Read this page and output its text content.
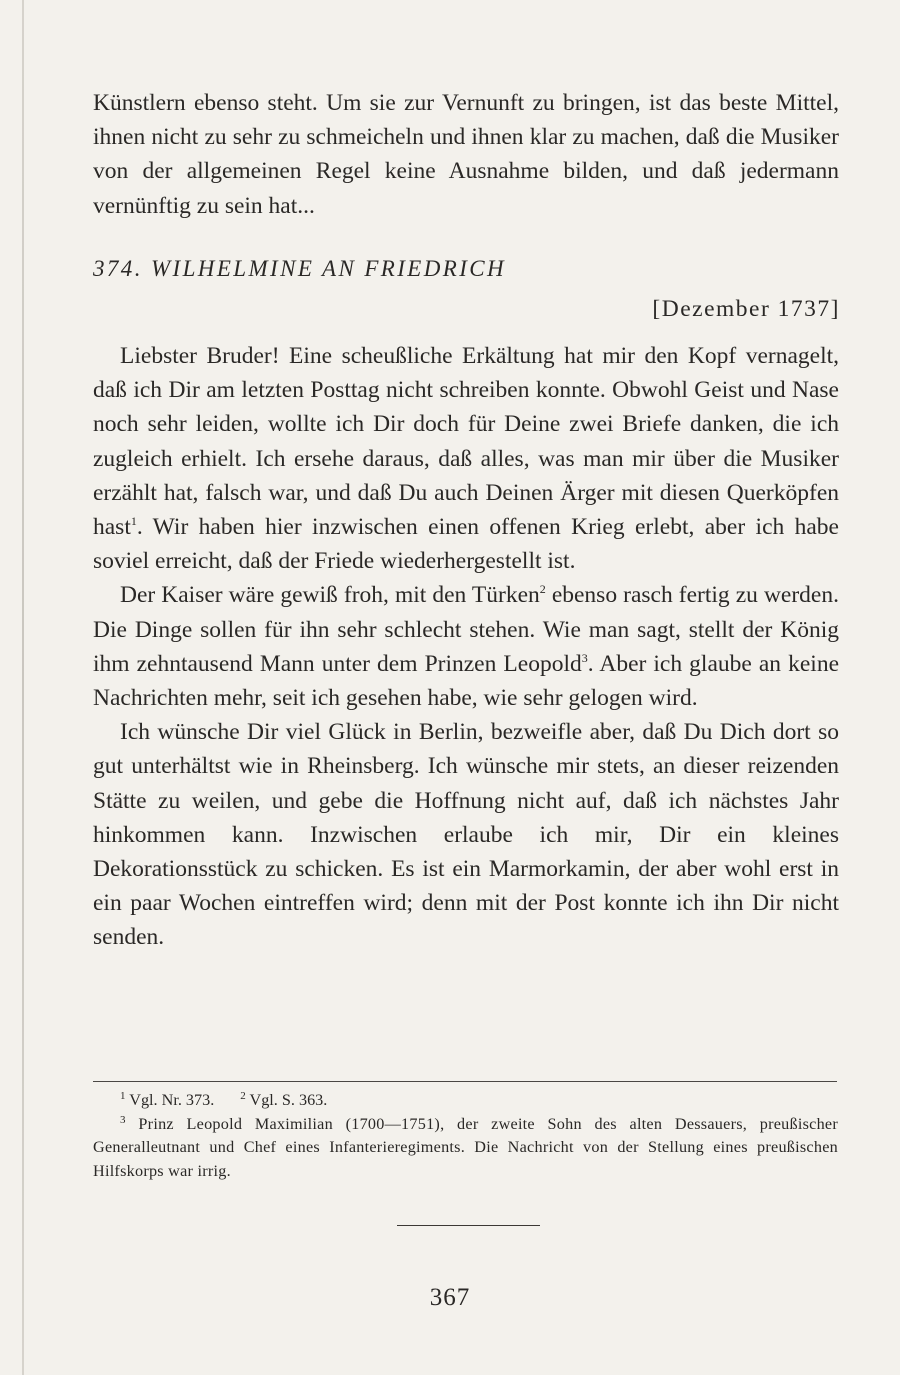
Künstlern ebenso steht. Um sie zur Vernunft zu bringen, ist das beste Mittel, ihnen nicht zu sehr zu schmeicheln und ihnen klar zu machen, daß die Musiker von der allgemeinen Regel keine Ausnahme bilden, und daß jedermann vernünftig zu sein hat...

374. WILHELMINE AN FRIEDRICH
[Dezember 1737]

Liebster Bruder! Eine scheußliche Erkältung hat mir den Kopf vernagelt, daß ich Dir am letzten Posttag nicht schreiben konnte. Obwohl Geist und Nase noch sehr leiden, wollte ich Dir doch für Deine zwei Briefe danken, die ich zugleich erhielt. Ich ersehe daraus, daß alles, was man mir über die Musiker erzählt hat, falsch war, und daß Du auch Deinen Ärger mit diesen Querköpfen hast$^1$. Wir haben hier inzwischen einen offenen Krieg erlebt, aber ich habe soviel erreicht, daß der Friede wiederhergestellt ist.

Der Kaiser wäre gewiß froh, mit den Türken$^2$ ebenso rasch fertig zu werden. Die Dinge sollen für ihn sehr schlecht stehen. Wie man sagt, stellt der König ihm zehntausend Mann unter dem Prinzen Leopold$^3$. Aber ich glaube an keine Nachrichten mehr, seit ich gesehen habe, wie sehr gelogen wird.

Ich wünsche Dir viel Glück in Berlin, bezweifle aber, daß Du Dich dort so gut unterhältst wie in Rheinsberg. Ich wünsche mir stets, an dieser reizenden Stätte zu weilen, und gebe die Hoffnung nicht auf, daß ich nächstes Jahr hinkommen kann. Inzwischen erlaube ich mir, Dir ein kleines Dekorationsstück zu schicken. Es ist ein Marmorkamin, der aber wohl erst in ein paar Wochen eintreffen wird; denn mit der Post konnte ich ihn Dir nicht senden.

$^1$ Vgl. Nr. 373. $^2$ Vgl. S. 363.

$^3$ Prinz Leopold Maximilian (1700—1751), der zweite Sohn des alten Dessauers, preußischer Generalleutnant und Chef eines Infanterieregiments. Die Nachricht von der Stellung eines preußischen Hilfskorps war irrig.

367
